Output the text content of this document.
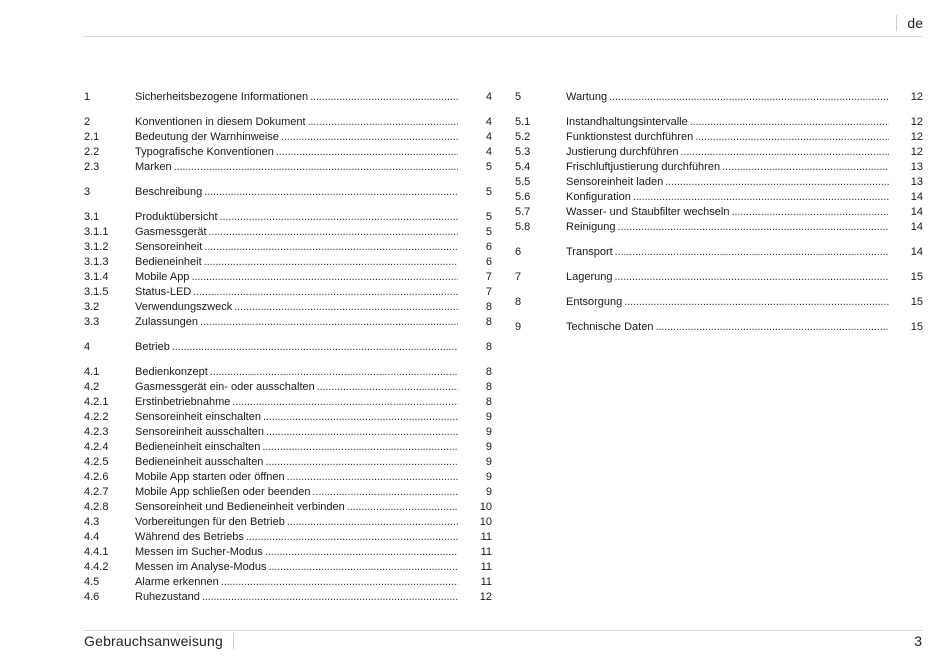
de
1	Sicherheitsbezogene Informationen . . .	4
2	Konventionen in diesem Dokument . . .	4
2.1	Bedeutung der Warnhinweise . . .	4
2.2	Typografische Konventionen . . .	4
2.3	Marken . . .	5
3	Beschreibung . . .	5
3.1	Produktübersicht . . .	5
3.1.1	Gasmessgerät . . .	5
3.1.2	Sensoreinheit . . .	6
3.1.3	Bedieneinheit . . .	6
3.1.4	Mobile App . . .	7
3.1.5	Status-LED . . .	7
3.2	Verwendungszweck . . .	8
3.3	Zulassungen . . .	8
4	Betrieb . . .	8
4.1	Bedienkonzept . . .	8
4.2	Gasmessgerät ein- oder ausschalten . . .	8
4.2.1	Erstinbetriebnahme . . .	8
4.2.2	Sensoreinheit einschalten . . .	9
4.2.3	Sensoreinheit ausschalten . . .	9
4.2.4	Bedieneinheit einschalten . . .	9
4.2.5	Bedieneinheit ausschalten . . .	9
4.2.6	Mobile App starten oder öffnen . . .	9
4.2.7	Mobile App schließen oder beenden . . .	9
4.2.8	Sensoreinheit und Bedieneinheit verbinden . . .	10
4.3	Vorbereitungen für den Betrieb . . .	10
4.4	Während des Betriebs . . .	11
4.4.1	Messen im Sucher-Modus . . .	11
4.4.2	Messen im Analyse-Modus . . .	11
4.5	Alarme erkennen . . .	11
4.6	Ruhezustand . . .	12
5	Wartung . . .	12
5.1	Instandhaltungsintervalle . . .	12
5.2	Funktionstest durchführen . . .	12
5.3	Justierung durchführen . . .	12
5.4	Frischluftjustierung durchführen . . .	13
5.5	Sensoreinheit laden . . .	13
5.6	Konfiguration . . .	14
5.7	Wasser- und Staubfilter wechseln . . .	14
5.8	Reinigung . . .	14
6	Transport . . .	14
7	Lagerung . . .	15
8	Entsorgung . . .	15
9	Technische Daten . . .	15
Gebrauchsanweisung	3
